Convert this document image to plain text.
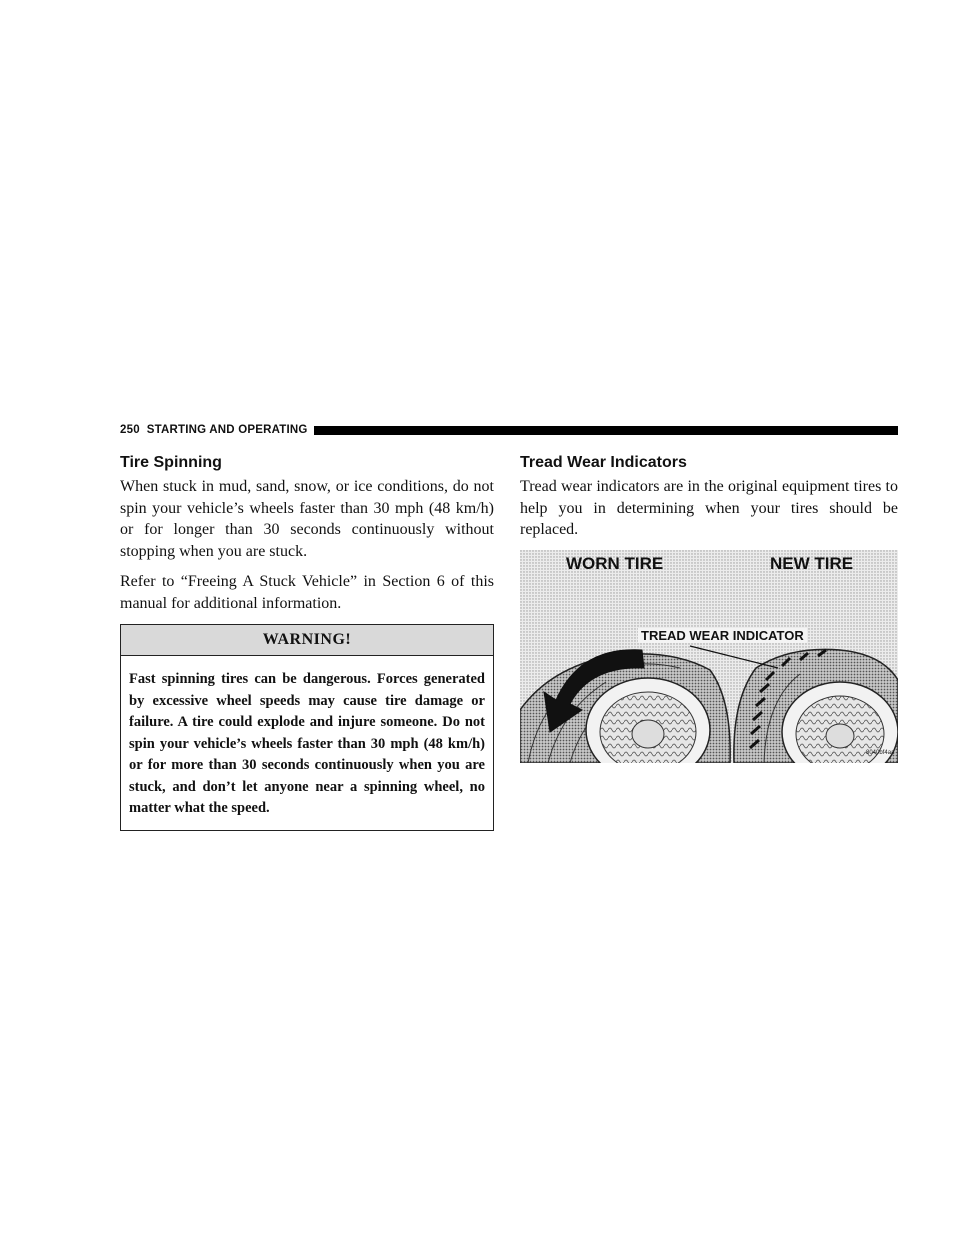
250 STARTING AND OPERATING
Tire Spinning

When stuck in mud, sand, snow, or ice conditions, do not spin your vehicle’s wheels faster than 30 mph (48 km/h) or for longer than 30 seconds continuously without stopping when you are stuck.

Refer to “Freeing A Stuck Vehicle” in Section 6 of this manual for additional information.

WARNING!
Fast spinning tires can be dangerous. Forces generated by excessive wheel speeds may cause tire damage or failure. A tire could explode and injure someone. Do not spin your vehicle’s wheels faster than 30 mph (48 km/h) or for more than 30 seconds continuously when you are stuck, and don’t let anyone near a spinning wheel, no matter what the speed.
Tread Wear Indicators

Tread wear indicators are in the original equipment tires to help you in determining when your tires should be replaced.

WORN TIRE	NEW TIRE
TREAD WEAR INDICATOR
8040bf4aa
